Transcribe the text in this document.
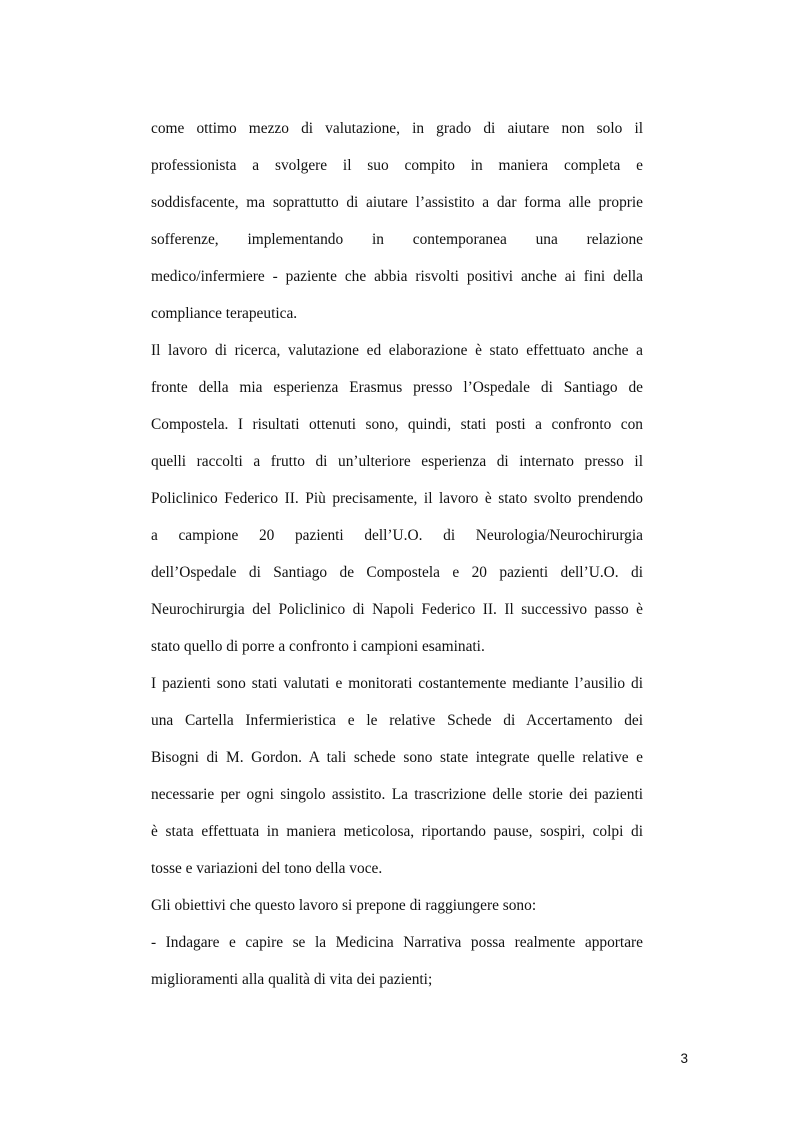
come ottimo mezzo di valutazione, in grado di aiutare non solo il
professionista a svolgere il suo compito in maniera completa e
soddisfacente, ma soprattutto di aiutare l’assistito a dar forma alle proprie
sofferenze, implementando in contemporanea una relazione
medico/infermiere - paziente che abbia risvolti positivi anche ai fini della
compliance terapeutica.
Il lavoro di ricerca, valutazione ed elaborazione è stato effettuato anche a
fronte della mia esperienza Erasmus presso l’Ospedale di Santiago de
Compostela. I risultati ottenuti sono, quindi, stati posti a confronto con
quelli raccolti a frutto di un’ulteriore esperienza di internato presso il
Policlinico Federico II. Più precisamente, il lavoro è stato svolto prendendo
a campione 20 pazienti dell’U.O. di Neurologia/Neurochirurgia
dell’Ospedale di Santiago de Compostela e 20 pazienti dell’U.O. di
Neurochirurgia del Policlinico di Napoli Federico II. Il successivo passo è
stato quello di porre a confronto i campioni esaminati.
I pazienti sono stati valutati e monitorati costantemente mediante l’ausilio di
una Cartella Infermieristica e le relative Schede di Accertamento dei
Bisogni di M. Gordon. A tali schede sono state integrate quelle relative e
necessarie per ogni singolo assistito. La trascrizione delle storie dei pazienti
è stata effettuata in maniera meticolosa, riportando pause, sospiri, colpi di
tosse e variazioni del tono della voce.
Gli obiettivi che questo lavoro si prepone di raggiungere sono:
- Indagare e capire se la Medicina Narrativa possa realmente apportare
miglioramenti alla qualità di vita dei pazienti;
3
